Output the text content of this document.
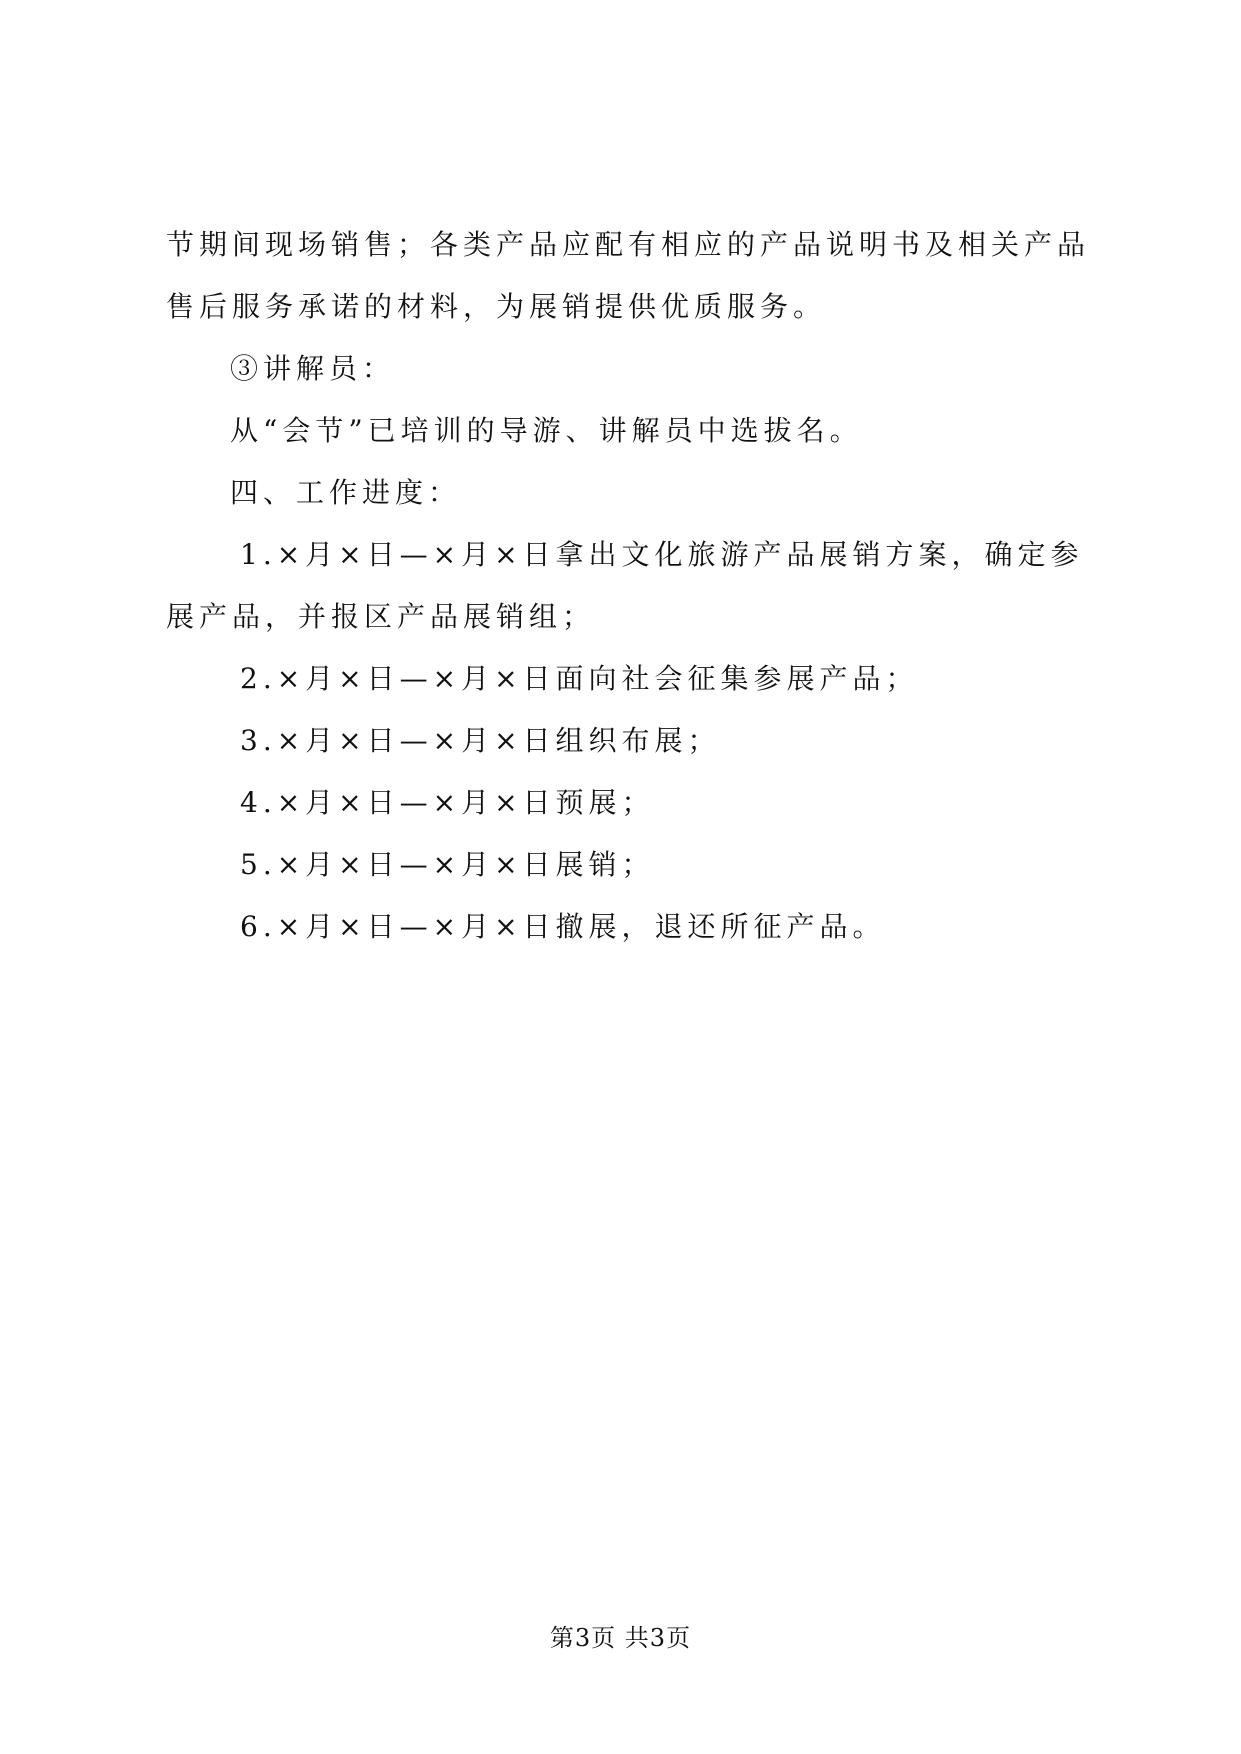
节期间现场销售；各类产品应配有相应的产品说明书及相关产品
售后服务承诺的材料，为展销提供优质服务。
③讲解员：
从“会节”已培训的导游、讲解员中选拔名。
四、工作进度：
1.×月×日—×月×日拿出文化旅游产品展销方案，确定参
展产品，并报区产品展销组；
2.×月×日—×月×日面向社会征集参展产品；
3.×月×日—×月×日组织布展；
4.×月×日—×月×日预展；
5.×月×日—×月×日展销；
6.×月×日—×月×日撤展，退还所征产品。
第3页 共3页
